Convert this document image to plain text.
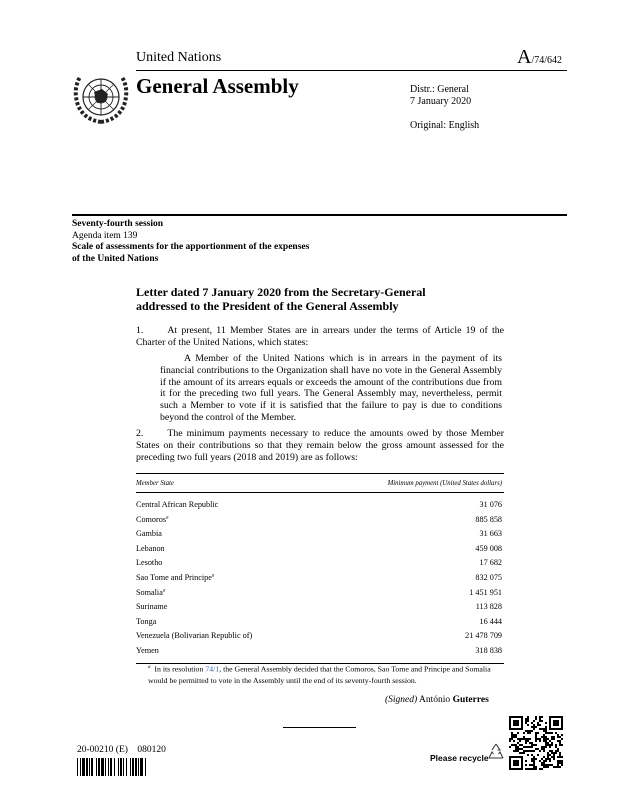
United Nations	A/74/642
General Assembly	Distr.: General
7 January 2020
Original: English
Seventy-fourth session
Agenda item 139
Scale of assessments for the apportionment of the expenses
of the United Nations
Letter dated 7 January 2020 from the Secretary-General
addressed to the President of the General Assembly
1. At present, 11 Member States are in arrears under the terms of Article 19 of the Charter of the United Nations, which states:
A Member of the United Nations which is in arrears in the payment of its financial contributions to the Organization shall have no vote in the General Assembly if the amount of its arrears equals or exceeds the amount of the contributions due from it for the preceding two full years. The General Assembly may, nevertheless, permit such a Member to vote if it is satisfied that the failure to pay is due to conditions beyond the control of the Member.
2. The minimum payments necessary to reduce the amounts owed by those Member States on their contributions so that they remain below the gross amount assessed for the preceding two full years (2018 and 2019) are as follows:
Member State	Minimum payment (United States dollars)
Central African Republic	31 076
Comoros$^a$	885 858
Gambia	31 663
Lebanon	459 008
Lesotho	17 682
Sao Tome and Principe$^a$	832 075
Somalia$^a$	1 451 951
Suriname	113 828
Tonga	16 444
Venezuela (Bolivarian Republic of)	21 478 709
Yemen	318 838
$^a$ In its resolution 74/1, the General Assembly decided that the Comoros, Sao Tome and Principe and Somalia would be permitted to vote in the Assembly until the end of its seventy-fourth session.
(Signed) António Guterres
20-00210 (E)    080120
Please recycle
